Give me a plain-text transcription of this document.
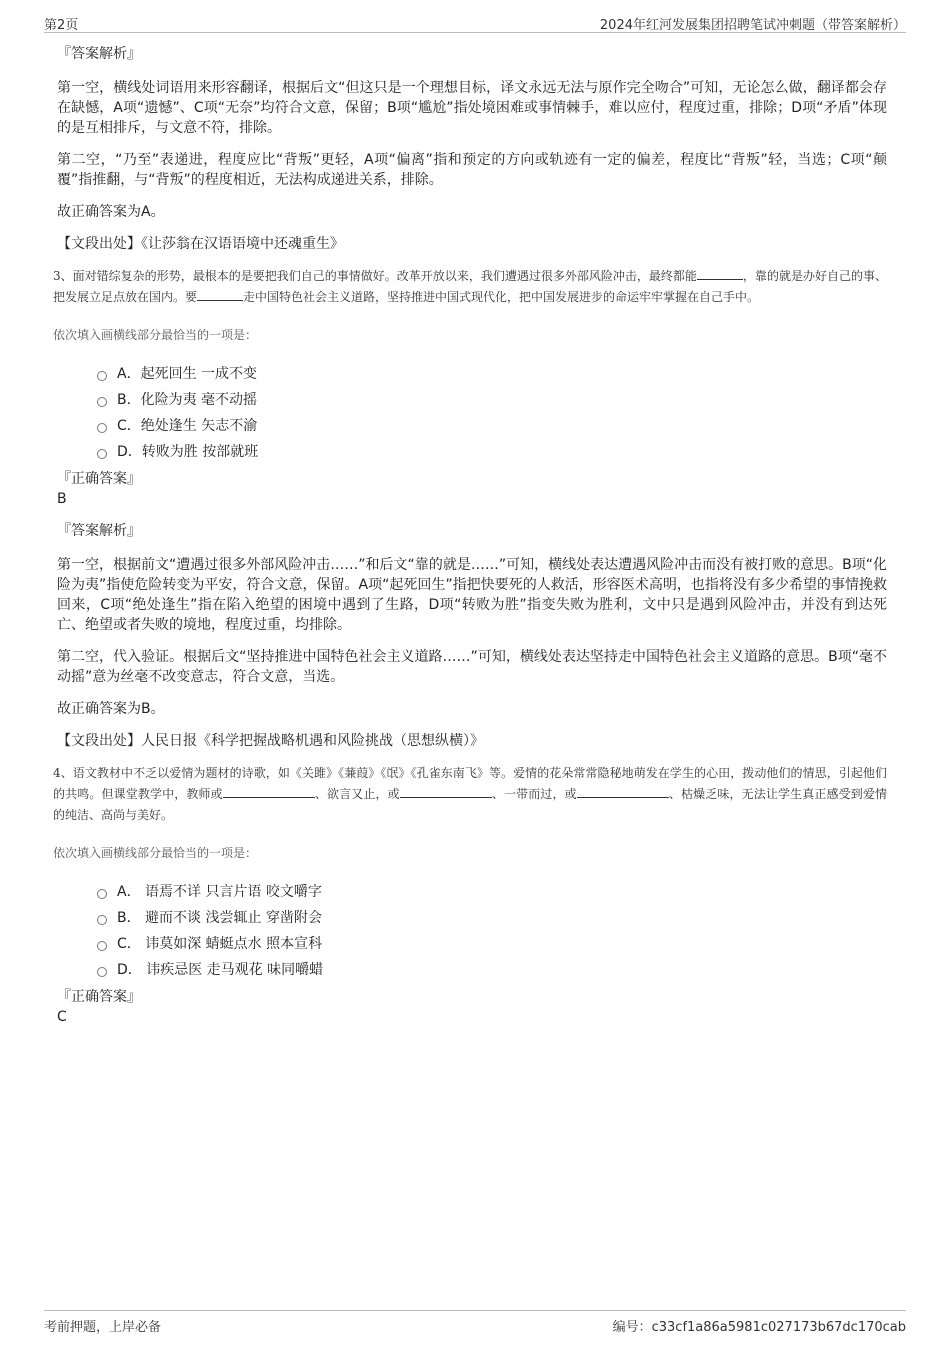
第2页	2024年红河发展集团招聘笔试冲刺题（带答案解析）
『答案解析』

第一空，横线处词语用来形容翻译，根据后文“但这只是一个理想目标，译文永远无法与原作完全吻合”可知，无论怎么做，翻译都会存在缺憾，A项“遗憾”、C项“无奈”均符合文意，保留；B项“尴尬”指处境困难或事情棘手，难以应付，程度过重，排除；D项“矛盾”体现的是互相排斥，与文意不符，排除。

第二空，“乃至”表递进，程度应比“背叛”更轻，A项“偏离”指和预定的方向或轨迹有一定的偏差，程度比“背叛”轻，当选；C项“颠覆”指推翻，与“背叛”的程度相近，无法构成递进关系，排除。

故正确答案为A。

【文段出处】《让莎翁在汉语语境中还魂重生》

3、面对错综复杂的形势，最根本的是要把我们自己的事情做好。改革开放以来，我们遭遇过很多外部风险冲击，最终都能	，靠的就是办好自己的事、把发展立足点放在国内。要	走中国特色社会主义道路，坚持推进中国式现代化，把中国发展进步的命运牢牢掌握在自己手中。
依次填入画横线部分最恰当的一项是：
A．起死回生 一成不变
B．化险为夷 毫不动摇
C．绝处逢生 矢志不渝
D．转败为胜 按部就班
『正确答案』
B
『答案解析』

第一空，根据前文“遭遇过很多外部风险冲击……”和后文“靠的就是……”可知，横线处表达遭遇风险冲击而没有被打败的意思。B项“化险为夷”指使危险转变为平安，符合文意，保留。A项“起死回生”指把快要死的人救活，形容医术高明，也指将没有多少希望的事情挽救回来，C项“绝处逢生”指在陷入绝望的困境中遇到了生路，D项“转败为胜”指变失败为胜利，文中只是遇到风险冲击，并没有到达死亡、绝望或者失败的境地，程度过重，均排除。

第二空，代入验证。根据后文“坚持推进中国特色社会主义道路……”可知，横线处表达坚持走中国特色社会主义道路的意思。B项“毫不动摇”意为丝毫不改变意志，符合文意，当选。

故正确答案为B。

【文段出处】人民日报《科学把握战略机遇和风险挑战（思想纵横）》

4、语文教材中不乏以爱情为题材的诗歌，如《关雎》《蒹葭》《氓》《孔雀东南飞》等。爱情的花朵常常隐秘地萌发在学生的心田，拨动他们的情思，引起他们的共鸣。但课堂教学中，教师或	、欲言又止，或	、一带而过，或	、枯燥乏味，无法让学生真正感受到爱情的纯洁、高尚与美好。
依次填入画横线部分最恰当的一项是：
A． 语焉不详 只言片语 咬文嚼字
B． 避而不谈 浅尝辄止 穿凿附会
C． 讳莫如深 蜻蜓点水 照本宣科
D． 讳疾忌医 走马观花 味同嚼蜡
『正确答案』
C
考前押题，上岸必备	编号：c33cf1a86a5981c027173b67dc170cab
